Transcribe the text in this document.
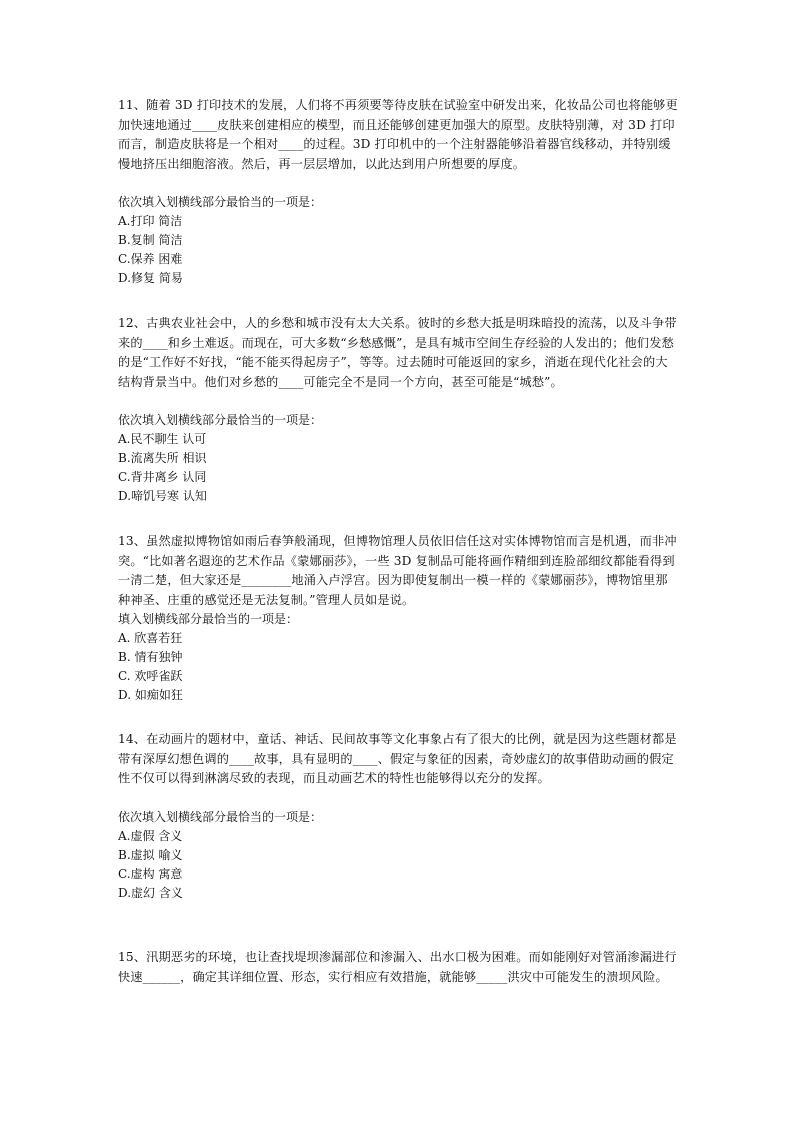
11、随着 3D 打印技术的发展，人们将不再须要等待皮肤在试验室中研发出来，化妆品公司也将能够更加快速地通过____皮肤来创建相应的模型，而且还能够创建更加强大的原型。皮肤特别薄，对 3D 打印而言，制造皮肤将是一个相对____的过程。3D 打印机中的一个注射器能够沿着器官线移动，并特别缓慢地挤压出细胞溶液。然后，再一层层增加，以此达到用户所想要的厚度。

依次填入划横线部分最恰当的一项是：

A.打印 简洁

B.复制 简洁

C.保养 困难

D.修复 简易

12、古典农业社会中，人的乡愁和城市没有太大关系。彼时的乡愁大抵是明珠暗投的流荡，以及斗争带来的____和乡土难返。而现在，可大多数“乡愁感慨”，是具有城市空间生存经验的人发出的；他们发愁的是“工作好不好找，“能不能买得起房子”，等等。过去随时可能返回的家乡，消逝在现代化社会的大结构背景当中。他们对乡愁的____可能完全不是同一个方向，甚至可能是“城愁”。

依次填入划横线部分最恰当的一项是：

A.民不聊生 认可

B.流离失所 相识

C.背井离乡 认同

D.啼饥号寒 认知

13、虽然虚拟博物馆如雨后春笋般涌现，但博物馆理人员依旧信任这对实体博物馆而言是机遇，而非冲突。“比如著名遐迩的艺术作品《蒙娜丽莎》，一些 3D 复制品可能将画作精细到连脸部细纹都能看得到一清二楚，但大家还是________地涌入卢浮宫。因为即使复制出一模一样的《蒙娜丽莎》，博物馆里那种神圣、庄重的感觉还是无法复制。”管理人员如是说。

填入划横线部分最恰当的一项是：

A. 欣喜若狂

B. 情有独钟

C. 欢呼雀跃

D. 如痴如狂

14、在动画片的题材中，童话、神话、民间故事等文化事象占有了很大的比例，就是因为这些题材都是带有深厚幻想色调的____故事，具有显明的____、假定与象征的因素，奇妙虚幻的故事借助动画的假定性不仅可以得到淋漓尽致的表现，而且动画艺术的特性也能够得以充分的发挥。

依次填入划横线部分最恰当的一项是：

A.虚假 含义

B.虚拟 喻义

C.虚构 寓意

D.虚幻 含义

15、汛期恶劣的环境，也让查找堤坝渗漏部位和渗漏入、出水口极为困难。而如能刚好对管涌渗漏进行快速______，确定其详细位置、形态，实行相应有效措施，就能够_____洪灾中可能发生的溃坝风险。
